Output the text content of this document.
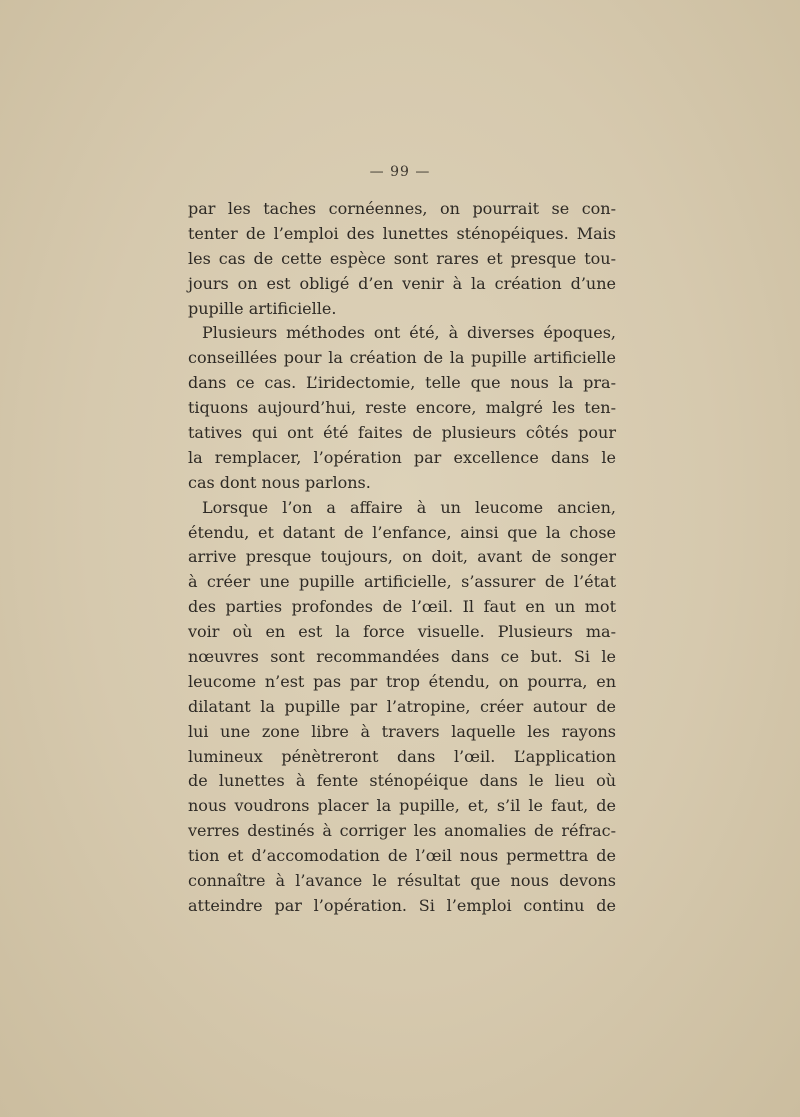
— 99 —
par les taches cornéennes, on pourrait se con-
tenter de l’emploi des lunettes sténopéiques. Mais
les cas de cette espèce sont rares et presque tou-
jours on est obligé d’en venir à la création d’une
pupille artificielle.
Plusieurs méthodes ont été, à diverses époques,
conseillées pour la création de la pupille artificielle
dans ce cas. L’iridectomie, telle que nous la pra-
tiquons aujourd’hui, reste encore, malgré les ten-
tatives qui ont été faites de plusieurs côtés pour
la remplacer, l’opération par excellence dans le
cas dont nous parlons.
Lorsque l’on a affaire à un leucome ancien,
étendu, et datant de l’enfance, ainsi que la chose
arrive presque toujours, on doit, avant de songer
à créer une pupille artificielle, s’assurer de l’état
des parties profondes de l’œil. Il faut en un mot
voir où en est la force visuelle. Plusieurs ma-
nœuvres sont recommandées dans ce but. Si le
leucome n’est pas par trop étendu, on pourra, en
dilatant la pupille par l’atropine, créer autour de
lui une zone libre à travers laquelle les rayons
lumineux pénètreront dans l’œil. L’application
de lunettes à fente sténopéique dans le lieu où
nous voudrons placer la pupille, et, s’il le faut, de
verres destinés à corriger les anomalies de réfrac-
tion et d’accomodation de l’œil nous permettra de
connaître à l’avance le résultat que nous devons
atteindre par l’opération. Si l’emploi continu de
